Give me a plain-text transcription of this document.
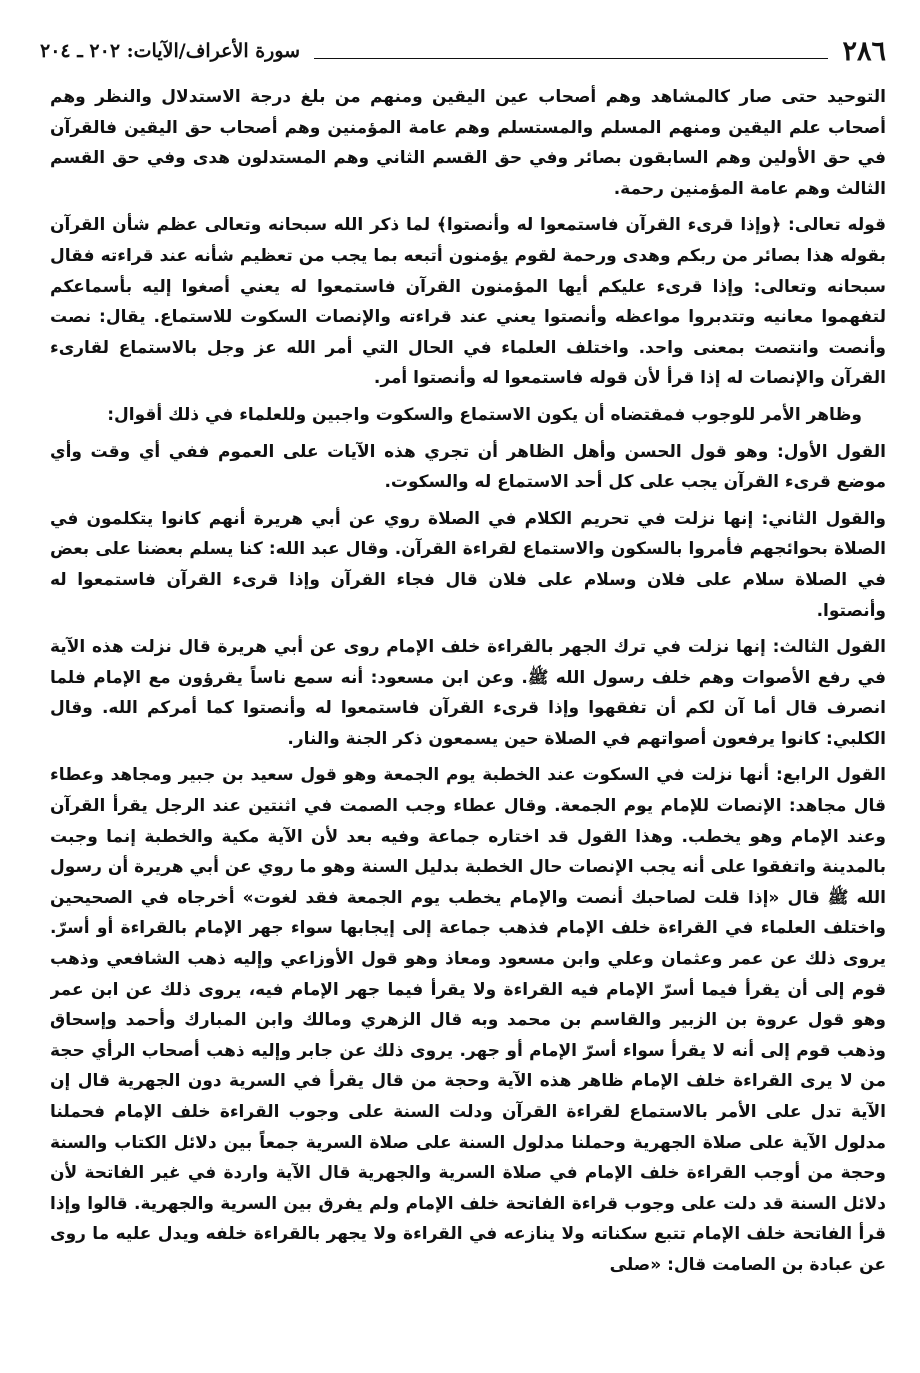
٢٨٦
سورة الأعراف/الآيات: ٢٠٢ ـ ٢٠٤

التوحيد حتى صار كالمشاهد وهم أصحاب عين اليقين ومنهم من بلغ درجة الاستدلال والنظر وهم أصحاب علم اليقين ومنهم المسلم والمستسلم وهم عامة المؤمنين وهم أصحاب حق اليقين فالقرآن في حق الأولين وهم السابقون بصائر وفي حق القسم الثاني وهم المستدلون هدى وفي حق القسم الثالث وهم عامة المؤمنين رحمة.

قوله تعالى: ﴿وإذا قرىء القرآن فاستمعوا له وأنصتوا﴾ لما ذكر الله سبحانه وتعالى عظم شأن القرآن بقوله هذا بصائر من ربكم وهدى ورحمة لقوم يؤمنون أتبعه بما يجب من تعظيم شأنه عند قراءته فقال سبحانه وتعالى: وإذا قرىء عليكم أيها المؤمنون القرآن فاستمعوا له يعني أصغوا إليه بأسماعكم لتفهموا معانيه وتتدبروا مواعظه وأنصتوا يعني عند قراءته والإنصات السكوت للاستماع. يقال: نصت وأنصت وانتصت بمعنى واحد. واختلف العلماء في الحال التي أمر الله عز وجل بالاستماع لقارىء القرآن والإنصات له إذا قرأ لأن قوله فاستمعوا له وأنصتوا أمر.

وظاهر الأمر للوجوب فمقتضاه أن يكون الاستماع والسكوت واجبين وللعلماء في ذلك أقوال:

القول الأول: وهو قول الحسن وأهل الظاهر أن تجري هذه الآيات على العموم ففي أي وقت وأي موضع قرىء القرآن يجب على كل أحد الاستماع له والسكوت.

والقول الثاني: إنها نزلت في تحريم الكلام في الصلاة روي عن أبي هريرة أنهم كانوا يتكلمون في الصلاة بحوائجهم فأمروا بالسكون والاستماع لقراءة القرآن. وقال عبد الله: كنا يسلم بعضنا على بعض في الصلاة سلام على فلان وسلام على فلان قال فجاء القرآن وإذا قرىء القرآن فاستمعوا له وأنصتوا.

القول الثالث: إنها نزلت في ترك الجهر بالقراءة خلف الإمام روى عن أبي هريرة قال نزلت هذه الآية في رفع الأصوات وهم خلف رسول الله ﷺ. وعن ابن مسعود: أنه سمع ناساً يقرؤون مع الإمام فلما انصرف قال أما آن لكم أن تفقهوا وإذا قرىء القرآن فاستمعوا له وأنصتوا كما أمركم الله. وقال الكلبي: كانوا يرفعون أصواتهم في الصلاة حين يسمعون ذكر الجنة والنار.

القول الرابع: أنها نزلت في السكوت عند الخطبة يوم الجمعة وهو قول سعيد بن جبير ومجاهد وعطاء قال مجاهد: الإنصات للإمام يوم الجمعة. وقال عطاء وجب الصمت في اثنتين عند الرجل يقرأ القرآن وعند الإمام وهو يخطب. وهذا القول قد اختاره جماعة وفيه بعد لأن الآية مكية والخطبة إنما وجبت بالمدينة واتفقوا على أنه يجب الإنصات حال الخطبة بدليل السنة وهو ما روي عن أبي هريرة أن رسول الله ﷺ قال «إذا قلت لصاحبك أنصت والإمام يخطب يوم الجمعة فقد لغوت» أخرجاه في الصحيحين واختلف العلماء في القراءة خلف الإمام فذهب جماعة إلى إيجابها سواء جهر الإمام بالقراءة أو أسرّ. يروى ذلك عن عمر وعثمان وعلي وابن مسعود ومعاذ وهو قول الأوزاعي وإليه ذهب الشافعي وذهب قوم إلى أن يقرأ فيما أسرّ الإمام فيه القراءة ولا يقرأ فيما جهر الإمام فيه، يروى ذلك عن ابن عمر وهو قول عروة بن الزبير والقاسم بن محمد وبه قال الزهري ومالك وابن المبارك وأحمد وإسحاق وذهب قوم إلى أنه لا يقرأ سواء أسرّ الإمام أو جهر. يروى ذلك عن جابر وإليه ذهب أصحاب الرأي حجة من لا يرى القراءة خلف الإمام ظاهر هذه الآية وحجة من قال يقرأ في السرية دون الجهرية قال إن الآية تدل على الأمر بالاستماع لقراءة القرآن ودلت السنة على وجوب القراءة خلف الإمام فحملنا مدلول الآية على صلاة الجهرية وحملنا مدلول السنة على صلاة السرية جمعاً بين دلائل الكتاب والسنة وحجة من أوجب القراءة خلف الإمام في صلاة السرية والجهرية قال الآية واردة في غير الفاتحة لأن دلائل السنة قد دلت على وجوب قراءة الفاتحة خلف الإمام ولم يفرق بين السرية والجهرية. قالوا وإذا قرأ الفاتحة خلف الإمام تتبع سكناته ولا ينازعه في القراءة ولا يجهر بالقراءة خلفه ويدل عليه ما روى عن عبادة بن الصامت قال: «صلى
